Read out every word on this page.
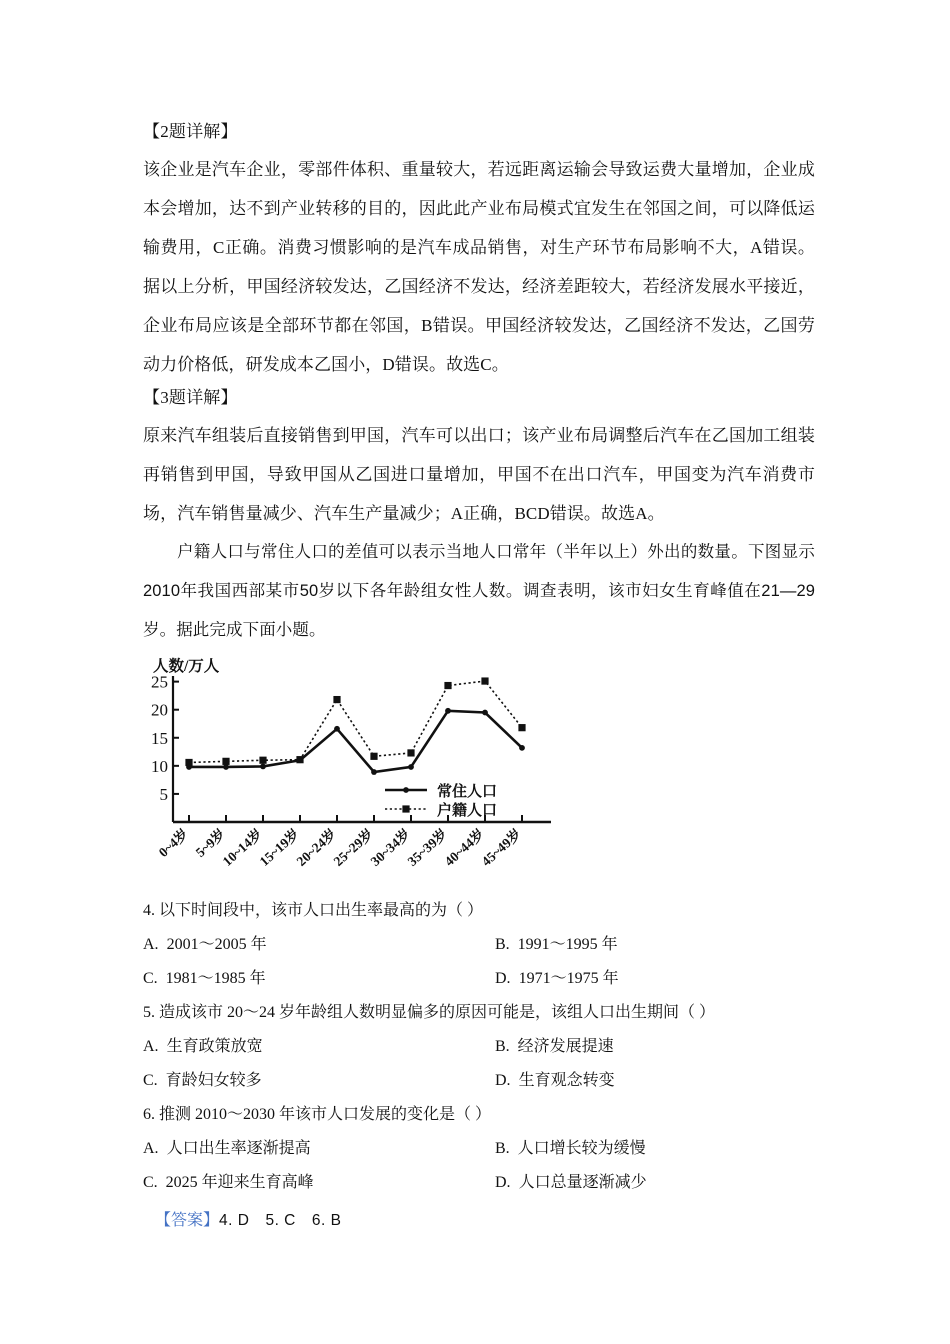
【2题详解】

该企业是汽车企业，零部件体积、重量较大，若远距离运输会导致运费大量增加，企业成本会增加，达不到产业转移的目的，因此此产业布局模式宜发生在邻国之间，可以降低运输费用，C正确。消费习惯影响的是汽车成品销售，对生产环节布局影响不大，A错误。据以上分析，甲国经济较发达，乙国经济不发达，经济差距较大，若经济发展水平接近，企业布局应该是全部环节都在邻国，B错误。甲国经济较发达，乙国经济不发达，乙国劳动力价格低，研发成本乙国小，D错误。故选C。

【3题详解】

原来汽车组装后直接销售到甲国，汽车可以出口；该产业布局调整后汽车在乙国加工组装再销售到甲国，导致甲国从乙国进口量增加，甲国不在出口汽车，甲国变为汽车消费市场，汽车销售量减少、汽车生产量减少；A正确，BCD错误。故选A。

户籍人口与常住人口的差值可以表示当地人口常年（半年以上）外出的数量。下图显示2010年我国西部某市50岁以下各年龄组女性人数。调查表明，该市妇女生育峰值在21—29岁。据此完成下面小题。

人数/万人
5
10
15
20
25
常住人口
户籍人口
0~4岁 5~9岁
10~14岁
15~19岁
20~24岁
25~29岁
30~34岁
35~39岁
40~44岁
45~49岁

4. 以下时间段中，该市人口出生率最高的为（ ）

A. 2001～2005 年	B. 1991～1995 年
C. 1981～1985 年	D. 1971～1975 年

5. 造成该市 20～24 岁年龄组人数明显偏多的原因可能是，该组人口出生期间（ ）

A. 生育政策放宽	B. 经济发展提速
C. 育龄妇女较多	D. 生育观念转变

6. 推测 2010～2030 年该市人口发展的变化是（ ）

A. 人口出生率逐渐提高	B. 人口增长较为缓慢
C. 2025 年迎来生育高峰	D. 人口总量逐渐减少

【答案】4. D　5. C　6. B
